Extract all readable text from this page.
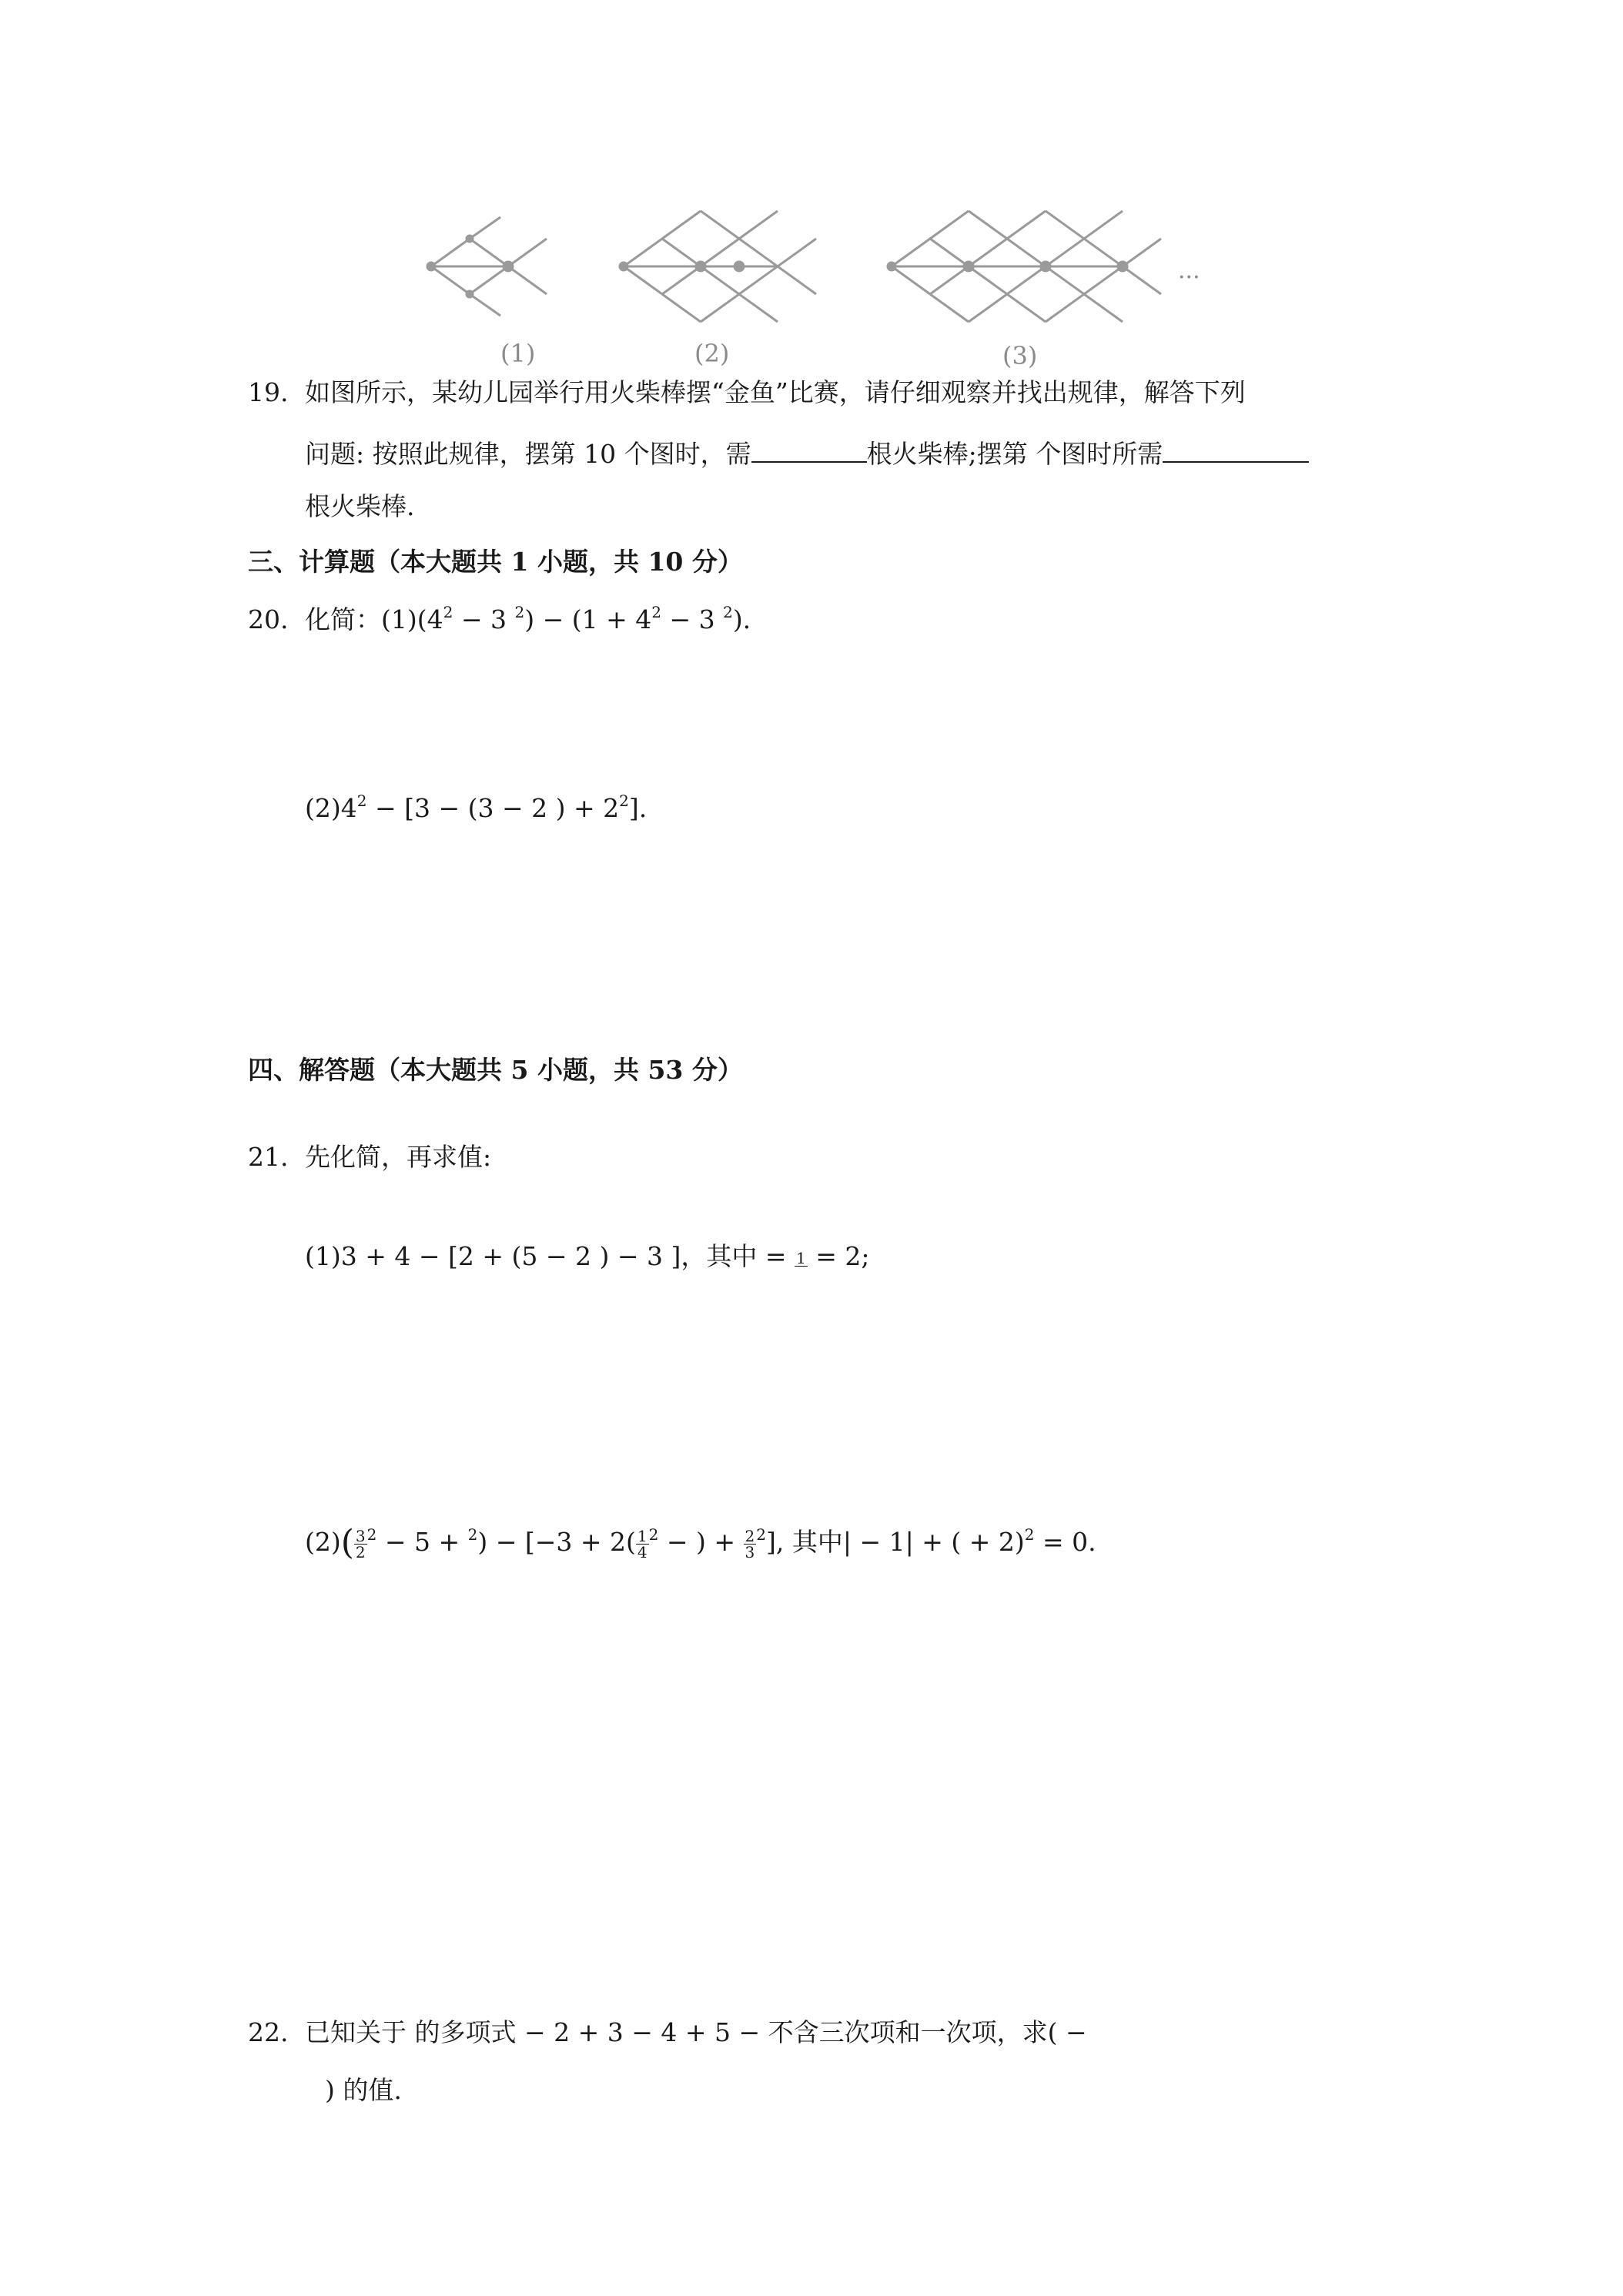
···
(1)	(2)	(3)
19. 如图所示，某幼儿园举行用火柴棒摆“金鱼”比赛，请仔细观察并找出规律，解答下列
问题: 按照此规律，摆第 10 个图时，需	根火柴棒;摆第 个图时所需
根火柴棒.
三、计算题（本大题共 1 小题，共 10 分）
20. 化简：$(1)(4^2 - 3$ $^2) - (1 + 4^2 - 3$ $^2$).
$(2)4^2 - [3 - (3 - 2$ ) + $2^2$].
四、解答题（本大题共 5 小题，共 53 分）
21. 先化简，再求值:
(1)3 + 4 − [2 + (5 − 2 ) − 3 ]，其中 = 1 = 2;
$(2)( \frac{3}{2} ^2 - 5 + ^2) - [-3 + 2( \frac{1}{4} ^2$ − ) + $\frac{2}{3} ^2$], 其中| − 1| + ( + 2)$^2$ = 0.
22. 已知关于 的多项式 − 2 + 3 − 4 + 5 − 不含三次项和一次项，求( −
) 的值.
